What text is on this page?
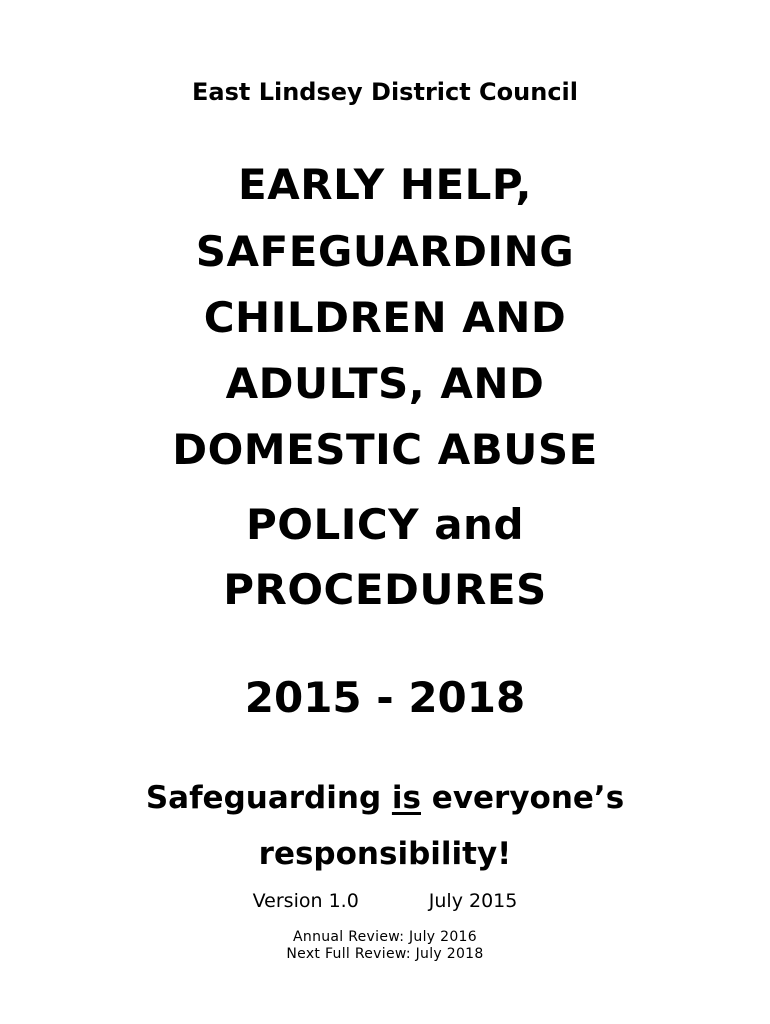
East Lindsey District Council

EARLY HELP,

SAFEGUARDING

CHILDREN AND

ADULTS, AND

DOMESTIC ABUSE

POLICY and

PROCEDURES

2015 - 2018

Safeguarding is everyone’s

responsibility!

Version 1.0	July 2015

Annual Review: July 2016

Next Full Review: July 2018
